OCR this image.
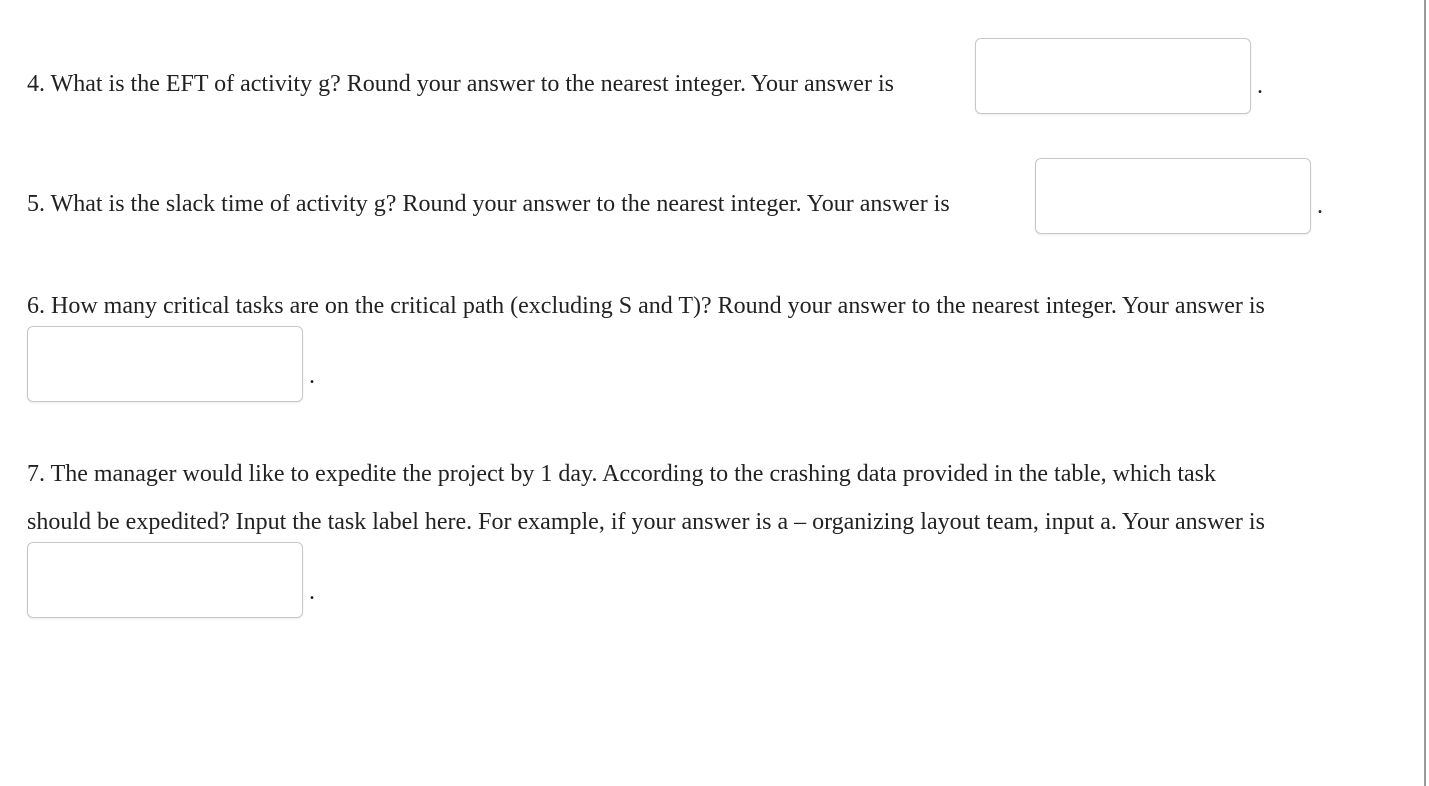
4. What is the EFT of activity g? Round your answer to the nearest integer. Your answer is	.
5. What is the slack time of activity g? Round your answer to the nearest integer. Your answer is	.
6. How many critical tasks are on the critical path (excluding S and T)? Round your answer to the nearest integer. Your answer is
.
7. The manager would like to expedite the project by 1 day. According to the crashing data provided in the table, which task
should be expedited? Input the task label here. For example, if your answer is a – organizing layout team, input a. Your answer is
.
